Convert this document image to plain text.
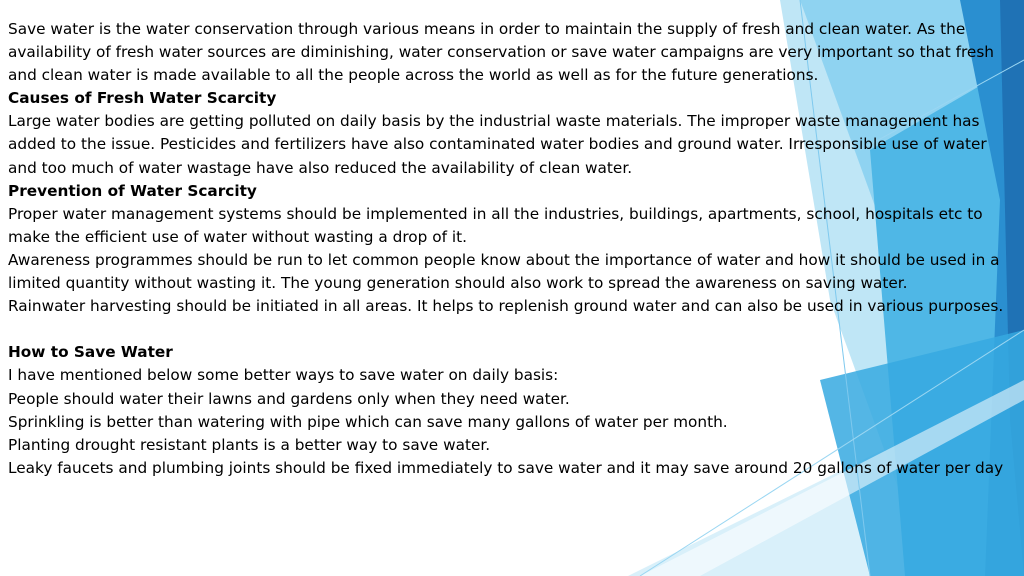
Save water is the water conservation through various means in order to maintain the supply of fresh and clean water. As the availability of fresh water sources are diminishing, water conservation or save water campaigns are very important so that fresh and clean water is made available to all the people across the world as well as for the future generations.

Causes of Fresh Water Scarcity

Large water bodies are getting polluted on daily basis by the industrial waste materials. The improper waste management has added to the issue. Pesticides and fertilizers have also contaminated water bodies and ground water. Irresponsible use of water and too much of water wastage have also reduced the availability of clean water.

Prevention of Water Scarcity

Proper water management systems should be implemented in all the industries, buildings, apartments, school, hospitals etc to make the efficient use of water without wasting a drop of it.

Awareness programmes should be run to let common people know about the importance of water and how it should be used in a limited quantity without wasting it. The young generation should also work to spread the awareness on saving water.

Rainwater harvesting should be initiated in all areas. It helps to replenish ground water and can also be used in various purposes.

How to Save Water

I have mentioned below some better ways to save water on daily basis:

People should water their lawns and gardens only when they need water.

Sprinkling is better than watering with pipe which can save many gallons of water per month.

Planting drought resistant plants is a better way to save water.

Leaky faucets and plumbing joints should be fixed immediately to save water and it may save around 20 gallons of water per day
